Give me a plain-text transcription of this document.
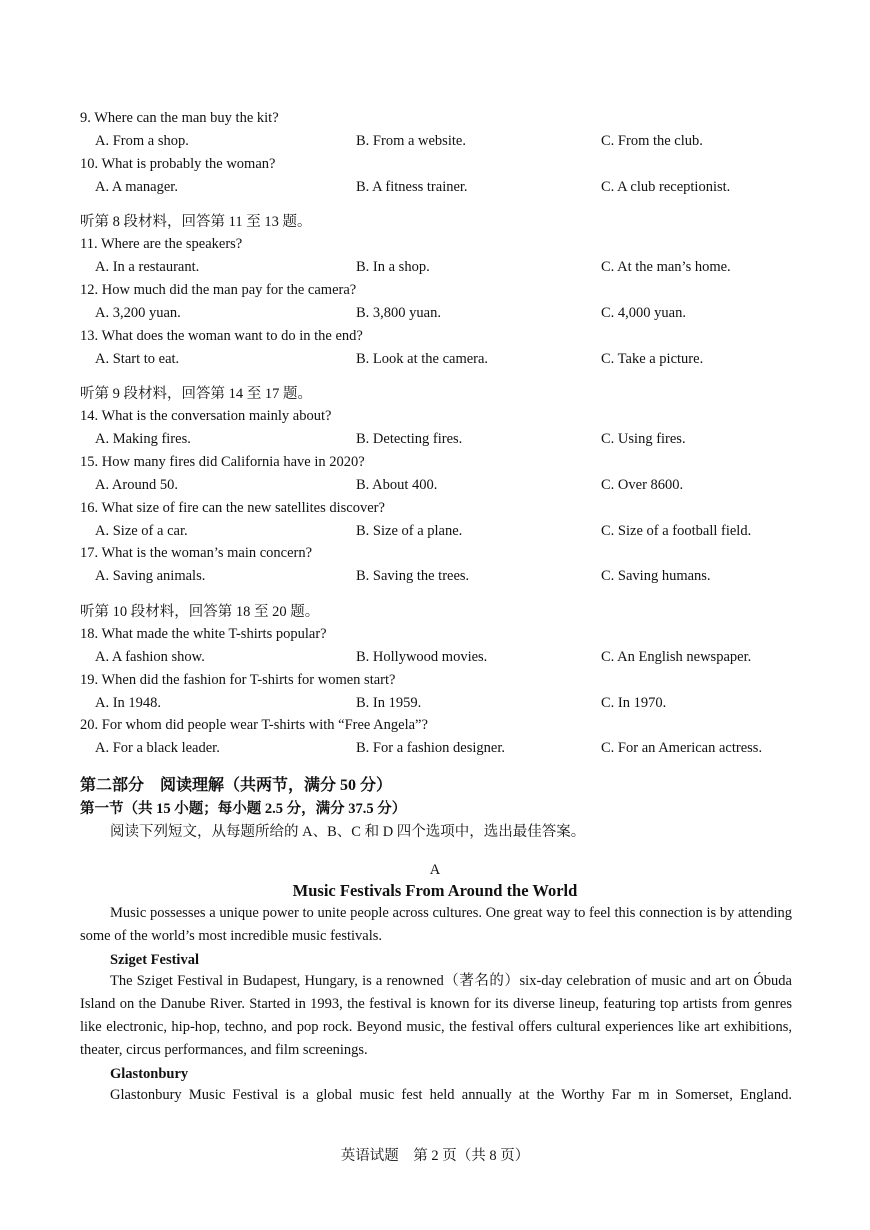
9. Where can the man buy the kit?
A. From a shop.	B. From a website.	C. From the club.
10. What is probably the woman?
A. A manager.	B. A fitness trainer.	C. A club receptionist.
听第 8 段材料，回答第 11 至 13 题。
11. Where are the speakers?
A. In a restaurant.	B. In a shop.	C. At the man’s home.
12. How much did the man pay for the camera?
A. 3,200 yuan.	B. 3,800 yuan.	C. 4,000 yuan.
13. What does the woman want to do in the end?
A. Start to eat.	B. Look at the camera.	C. Take a picture.
听第 9 段材料，回答第 14 至 17 题。
14. What is the conversation mainly about?
A. Making fires.	B. Detecting fires.	C. Using fires.
15. How many fires did California have in 2020?
A. Around 50.	B. About 400.	C. Over 8600.
16. What size of fire can the new satellites discover?
A. Size of a car.	B. Size of a plane.	C. Size of a football field.
17. What is the woman’s main concern?
A. Saving animals.	B. Saving the trees.	C. Saving humans.
听第 10 段材料，回答第 18 至 20 题。
18. What made the white T-shirts popular?
A. A fashion show.	B. Hollywood movies.	C. An English newspaper.
19. When did the fashion for T-shirts for women start?
A. In 1948.	B. In 1959.	C. In 1970.
20. For whom did people wear T-shirts with “Free Angela”?
A. For a black leader.	B. For a fashion designer.	C. For an American actress.
第二部分　阅读理解（共两节，满分 50 分）
第一节（共 15 小题；每小题 2.5 分，满分 37.5 分）
阅读下列短文，从每题所给的 A、B、C 和 D 四个选项中，选出最佳答案。
A
Music Festivals From Around the World
Music possesses a unique power to unite people across cultures. One great way to feel this connection is by attending some of the world’s most incredible music festivals.
Sziget Festival
The Sziget Festival in Budapest, Hungary, is a renowned（著名的）six-day celebration of music and art on Óbuda Island on the Danube River. Started in 1993, the festival is known for its diverse lineup, featuring top artists from genres like electronic, hip-hop, techno, and pop rock. Beyond music, the festival offers cultural experiences like art exhibitions, theater, circus performances, and film screenings.
Glastonbury
Glastonbury Music Festival is a global music fest held annually at the Worthy Far m in Somerset, England.
英语试题　第 2 页（共 8 页）
